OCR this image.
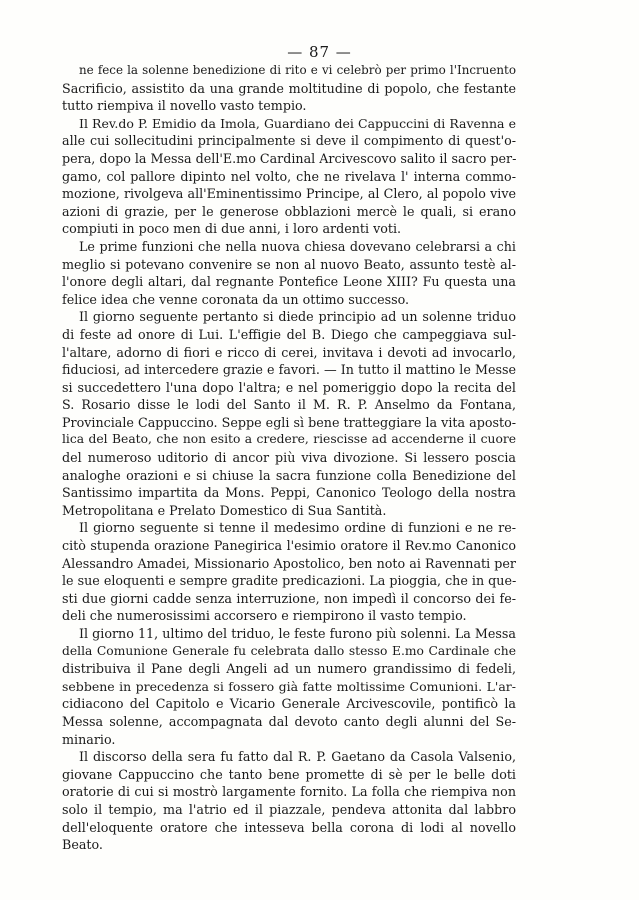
— 87 —
ne fece la solenne benedizione di rito e vi celebrò per primo l'Incruento
Sacrificio, assistito da una grande moltitudine di popolo, che festante
tutto riempiva il novello vasto tempio.
Il Rev.do P. Emidio da Imola, Guardiano dei Cappuccini di Ravenna e
alle cui sollecitudini principalmente si deve il compimento di quest'o-
pera, dopo la Messa dell'E.mo Cardinal Arcivescovo salito il sacro per-
gamo, col pallore dipinto nel volto, che ne rivelava l' interna commo-
mozione, rivolgeva all'Eminentissimo Principe, al Clero, al popolo vive
azioni di grazie, per le generose obblazioni mercè le quali, si erano
compiuti in poco men di due anni, i loro ardenti voti.
Le prime funzioni che nella nuova chiesa dovevano celebrarsi a chi
meglio si potevano convenire se non al nuovo Beato, assunto testè al-
l'onore degli altari, dal regnante Pontefice Leone XIII? Fu questa una
felice idea che venne coronata da un ottimo successo.
Il giorno seguente pertanto si diede principio ad un solenne triduo
di feste ad onore di Lui. L'effigie del B. Diego che campeggiava sul-
l'altare, adorno di fiori e ricco di cerei, invitava i devoti ad invocarlo,
fiduciosi, ad intercedere grazie e favori. — In tutto il mattino le Messe
si succedettero l'una dopo l'altra; e nel pomeriggio dopo la recita del
S. Rosario disse le lodi del Santo il M. R. P. Anselmo da Fontana,
Provinciale Cappuccino. Seppe egli sì bene tratteggiare la vita aposto-
lica del Beato, che non esito a credere, riescisse ad accenderne il cuore
del numeroso uditorio di ancor più viva divozione. Si lessero poscia
analoghe orazioni e si chiuse la sacra funzione colla Benedizione del
Santissimo impartita da Mons. Peppi, Canonico Teologo della nostra
Metropolitana e Prelato Domestico di Sua Santità.
Il giorno seguente si tenne il medesimo ordine di funzioni e ne re-
citò stupenda orazione Panegirica l'esimio oratore il Rev.mo Canonico
Alessandro Amadei, Missionario Apostolico, ben noto ai Ravennati per
le sue eloquenti e sempre gradite predicazioni. La pioggia, che in que-
sti due giorni cadde senza interruzione, non impedì il concorso dei fe-
deli che numerosissimi accorsero e riempirono il vasto tempio.
Il giorno 11, ultimo del triduo, le feste furono più solenni. La Messa
della Comunione Generale fu celebrata dallo stesso E.mo Cardinale che
distribuiva il Pane degli Angeli ad un numero grandissimo di fedeli,
sebbene in precedenza si fossero già fatte moltissime Comunioni. L'ar-
cidiacono del Capitolo e Vicario Generale Arcivescovile, pontificò la
Messa solenne, accompagnata dal devoto canto degli alunni del Se-
minario.
Il discorso della sera fu fatto dal R. P. Gaetano da Casola Valsenio,
giovane Cappuccino che tanto bene promette di sè per le belle doti
oratorie di cui si mostrò largamente fornito. La folla che riempiva non
solo il tempio, ma l'atrio ed il piazzale, pendeva attonita dal labbro
dell'eloquente oratore che intesseva bella corona di lodi al novello
Beato.
